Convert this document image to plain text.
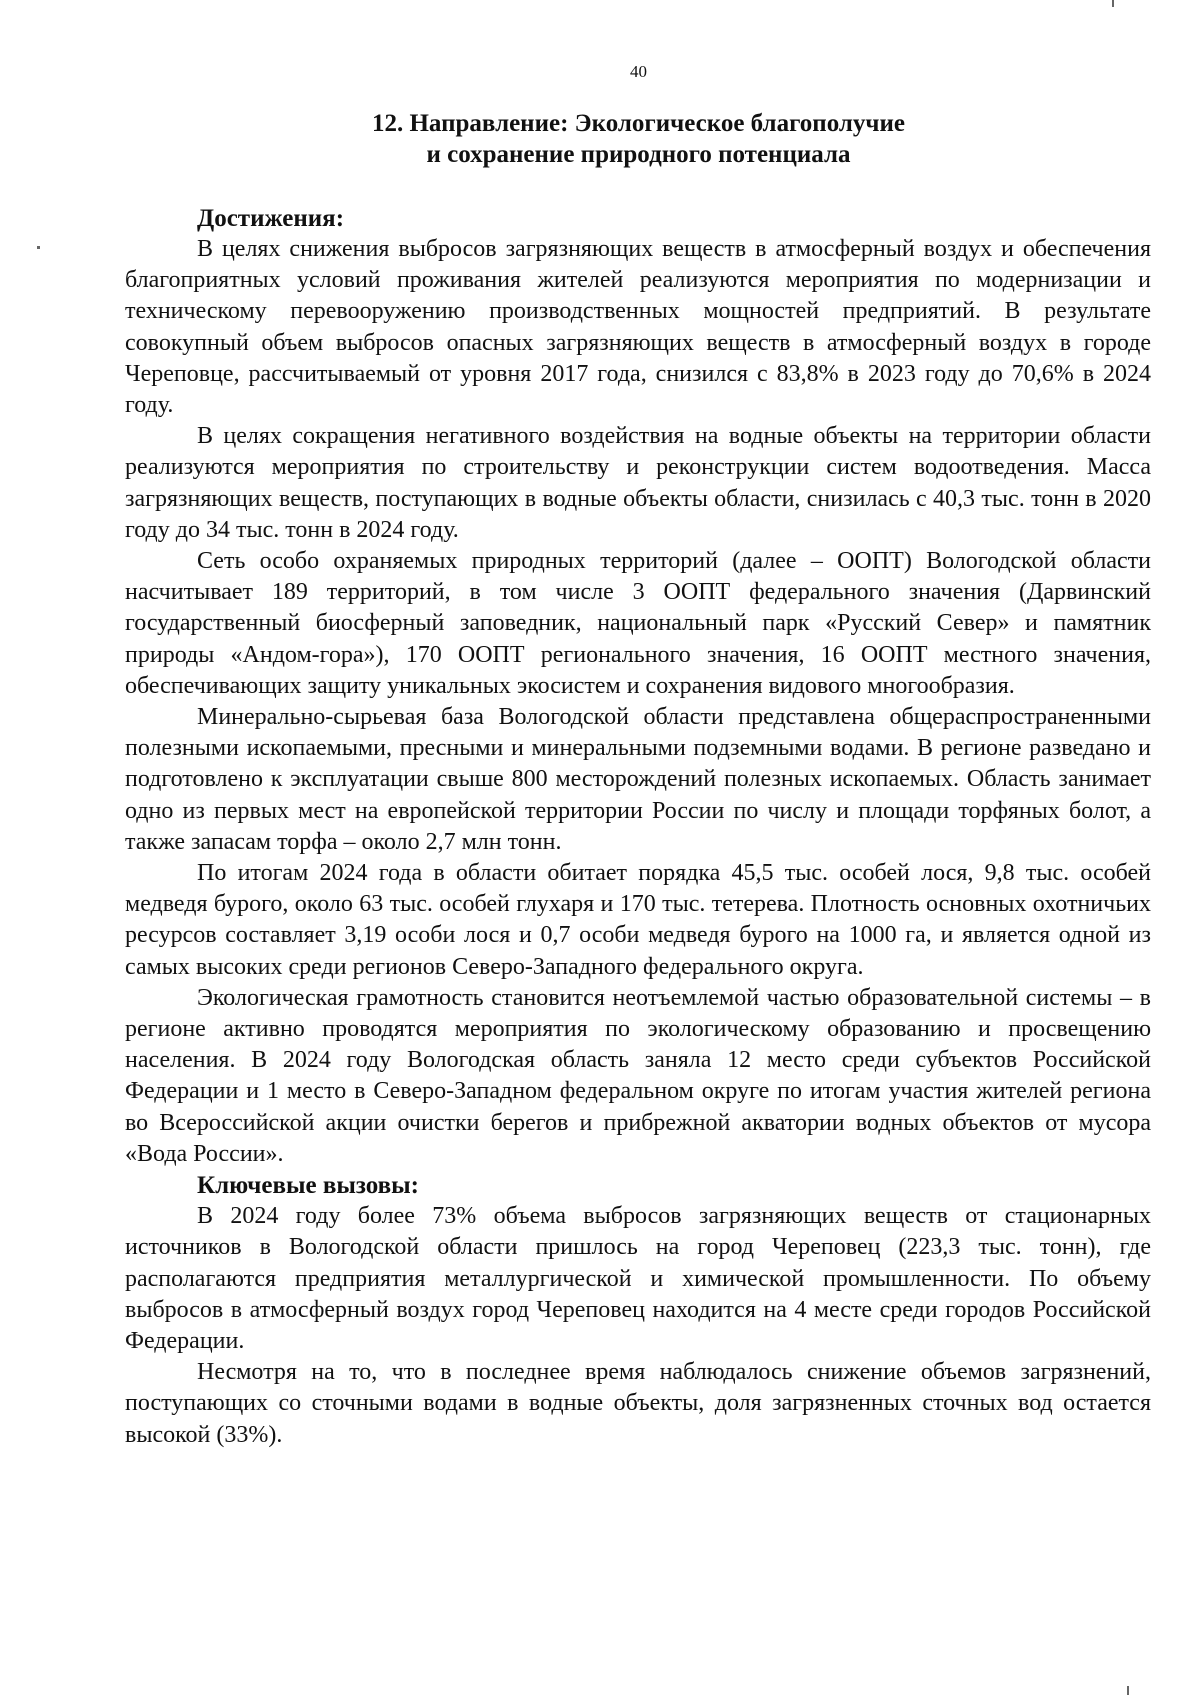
40
12. Направление: Экологическое благополучие
и сохранение природного потенциала

Достижения:

В целях снижения выбросов загрязняющих веществ в атмосферный воздух и обеспечения благоприятных условий проживания жителей реализуются мероприятия по модернизации и техническому перевооружению производственных мощностей предприятий. В результате совокупный объем выбросов опасных загрязняющих веществ в атмосферный воздух в городе Череповце, рассчитываемый от уровня 2017 года, снизился с 83,8% в 2023 году до 70,6% в 2024 году.

В целях сокращения негативного воздействия на водные объекты на территории области реализуются мероприятия по строительству и реконструкции систем водоотведения. Масса загрязняющих веществ, поступающих в водные объекты области, снизилась с 40,3 тыс. тонн в 2020 году до 34 тыс. тонн в 2024 году.

Сеть особо охраняемых природных территорий (далее – ООПТ) Вологодской области насчитывает 189 территорий, в том числе 3 ООПТ федерального значения (Дарвинский государственный биосферный заповедник, национальный парк «Русский Север» и памятник природы «Андом-гора»), 170 ООПТ регионального значения, 16 ООПТ местного значения, обеспечивающих защиту уникальных экосистем и сохранения видового многообразия.

Минерально-сырьевая база Вологодской области представлена общераспространенными полезными ископаемыми, пресными и минеральными подземными водами. В регионе разведано и подготовлено к эксплуатации свыше 800 месторождений полезных ископаемых. Область занимает одно из первых мест на европейской территории России по числу и площади торфяных болот, а также запасам торфа – около 2,7 млн тонн.

По итогам 2024 года в области обитает порядка 45,5 тыс. особей лося, 9,8 тыс. особей медведя бурого, около 63 тыс. особей глухаря и 170 тыс. тетерева. Плотность основных охотничьих ресурсов составляет 3,19 особи лося и 0,7 особи медведя бурого на 1000 га, и является одной из самых высоких среди регионов Северо-Западного федерального округа.

Экологическая грамотность становится неотъемлемой частью образовательной системы – в регионе активно проводятся мероприятия по экологическому образованию и просвещению населения. В 2024 году Вологодская область заняла 12 место среди субъектов Российской Федерации и 1 место в Северо-Западном федеральном округе по итогам участия жителей региона во Всероссийской акции очистки берегов и прибрежной акватории водных объектов от мусора «Вода России».

Ключевые вызовы:

В 2024 году более 73% объема выбросов загрязняющих веществ от стационарных источников в Вологодской области пришлось на город Череповец (223,3 тыс. тонн), где располагаются предприятия металлургической и химической промышленности. По объему выбросов в атмосферный воздух город Череповец находится на 4 месте среди городов Российской Федерации.

Несмотря на то, что в последнее время наблюдалось снижение объемов загрязнений, поступающих со сточными водами в водные объекты, доля загрязненных сточных вод остается высокой (33%).
